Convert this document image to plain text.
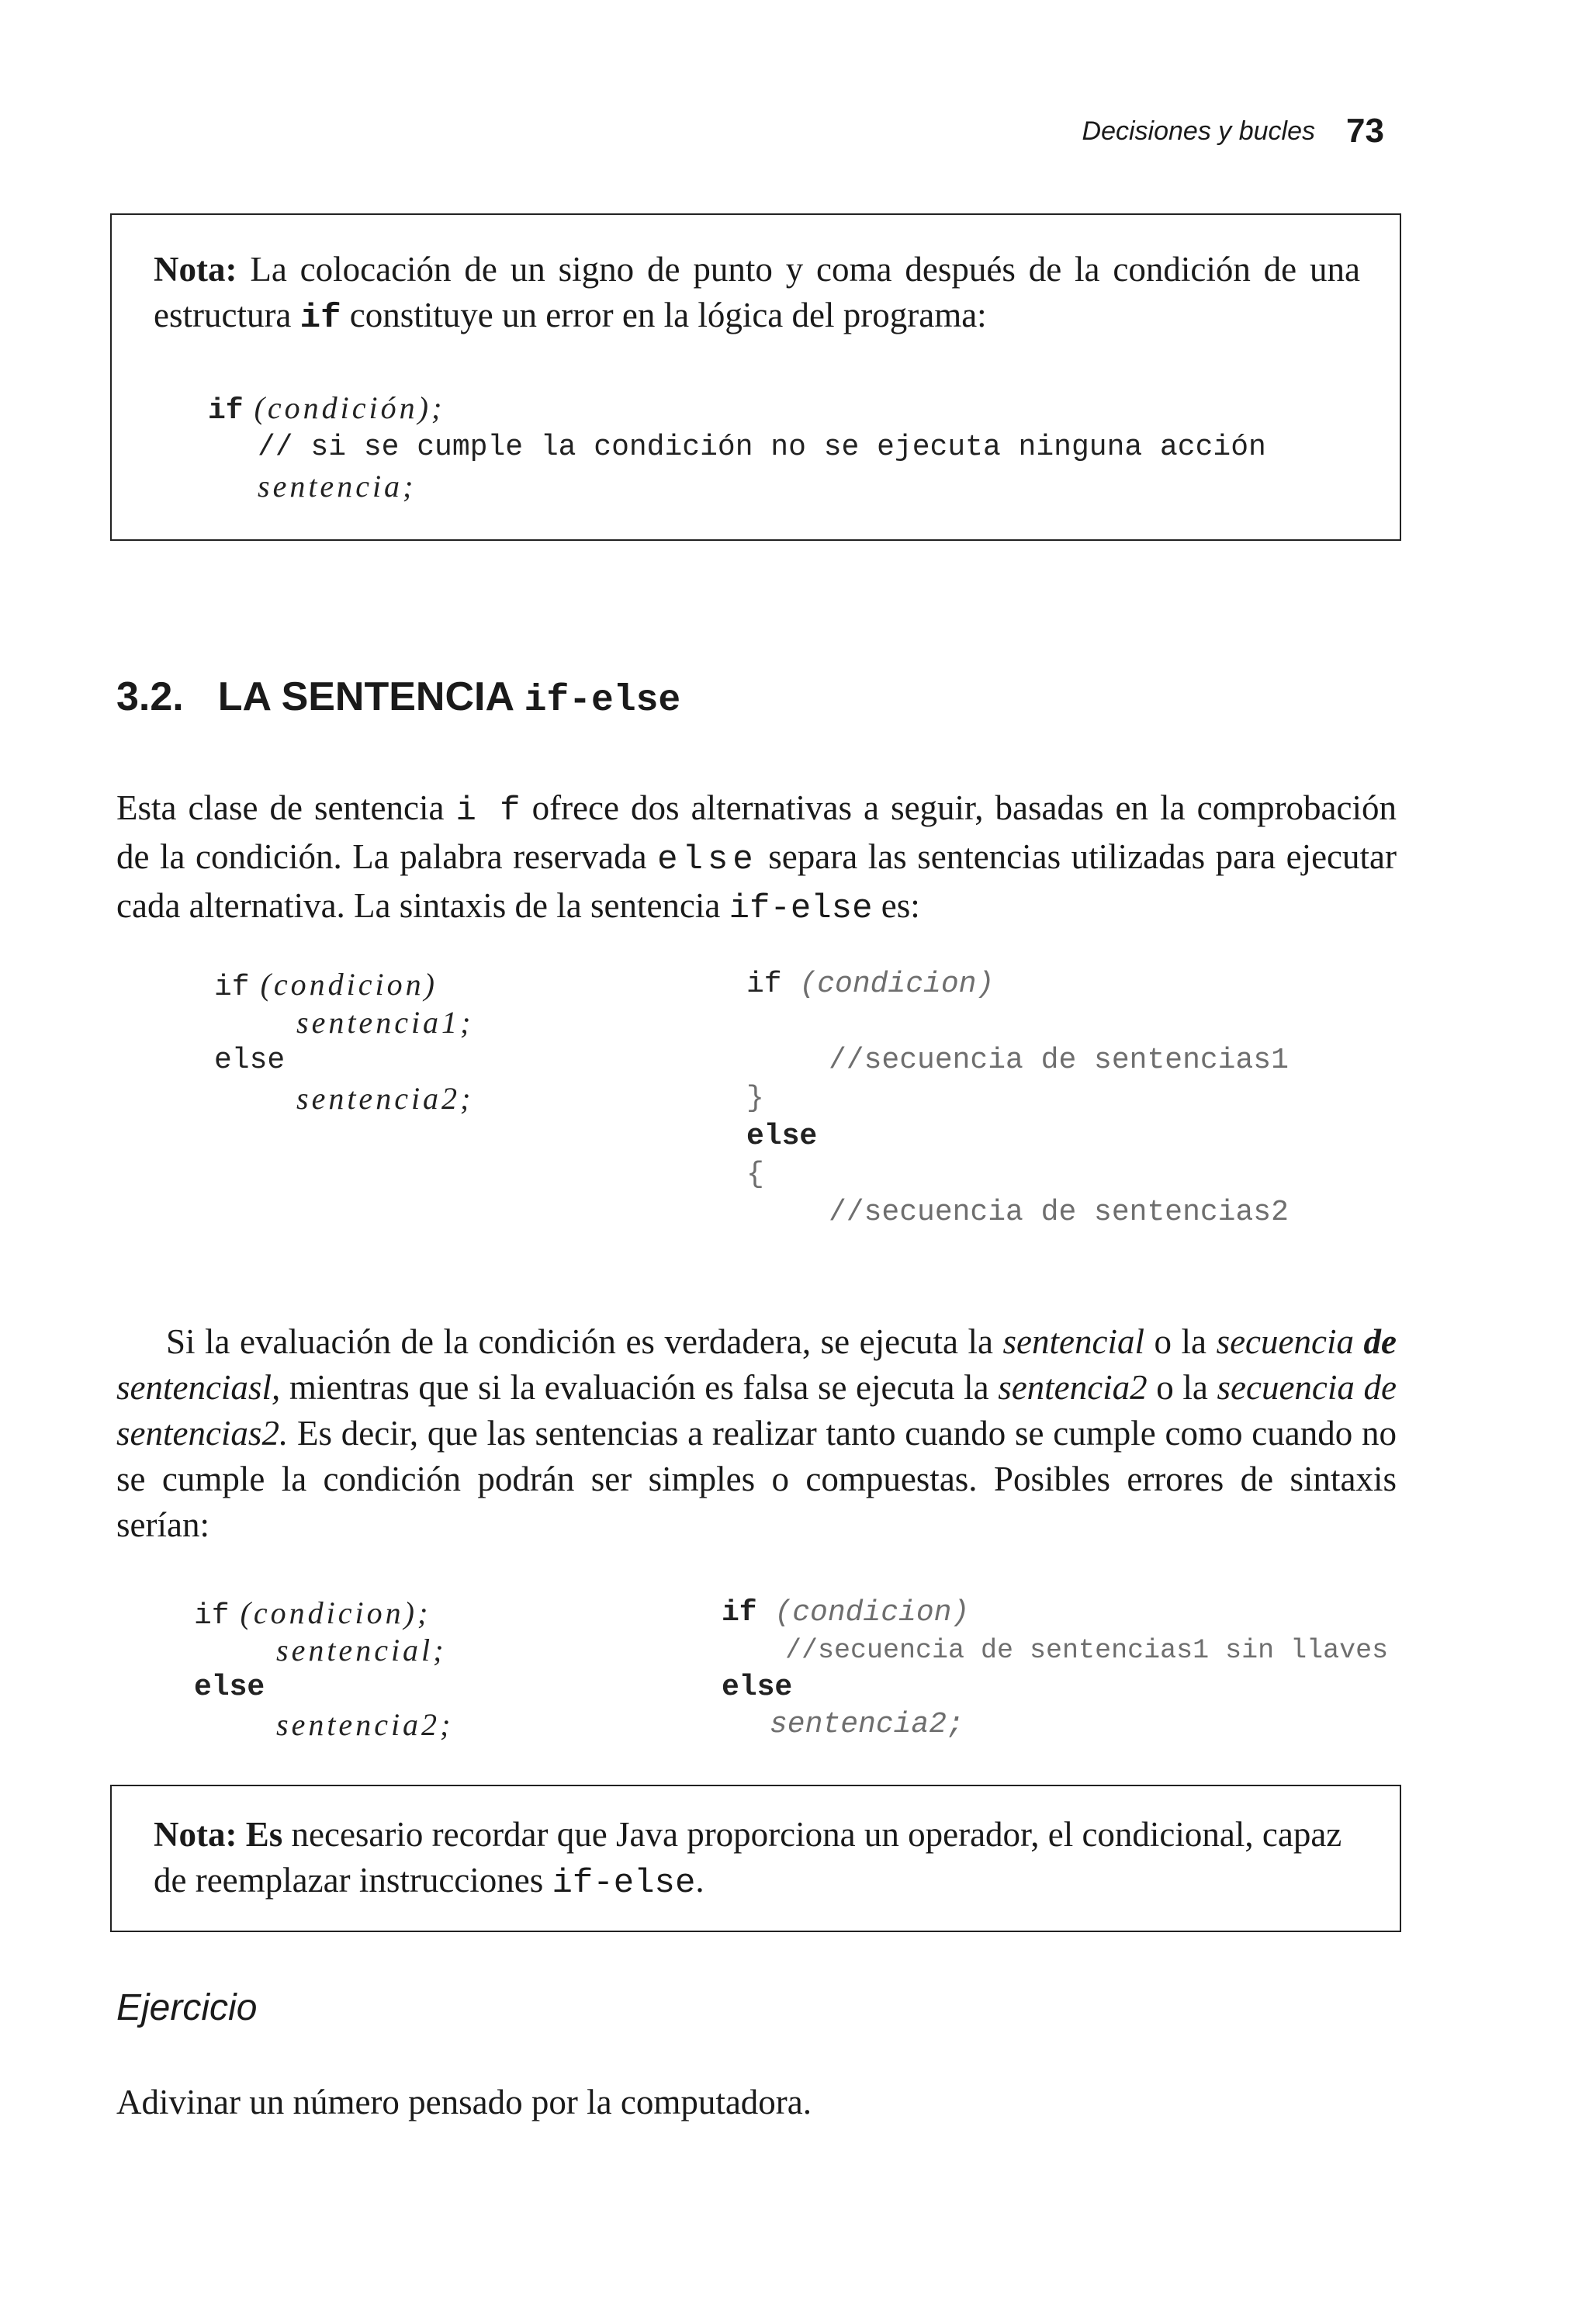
Decisiones y bucles 73
Nota: La colocación de un signo de punto y coma después de la condición de una estructura if constituye un error en la lógica del programa:
if (condición);
// si se cumple la condición no se ejecuta ninguna acción
sentencia;
3.2. LA SENTENCIA if-else
Esta clase de sentencia i f ofrece dos alternativas a seguir, basadas en la comprobación de la condición. La palabra reservada else separa las sentencias utilizadas para ejecutar cada alternativa. La sintaxis de la sentencia if-else es:
if (condicion)
sentencia1;
else
sentencia2;
if (condicion)
//secuencia de sentencias1
}
else
{
//secuencia de sentencias2
Si la evaluación de la condición es verdadera, se ejecuta la sentencial o la secuencia de sentenciasl, mientras que si la evaluación es falsa se ejecuta la sentencia2 o la secuencia de sentencias2. Es decir, que las sentencias a realizar tanto cuando se cumple como cuando no se cumple la condición podrán ser simples o compuestas. Posibles errores de sintaxis serían:
if (condicion);
sentencial;
else
sentencia2;
if (condicion)
//secuencia de sentencias1 sin llaves
else
sentencia2;
Nota: Es necesario recordar que Java proporciona un operador, el condicional, capaz de reemplazar instrucciones if-else.
Ejercicio
Adivinar un número pensado por la computadora.
